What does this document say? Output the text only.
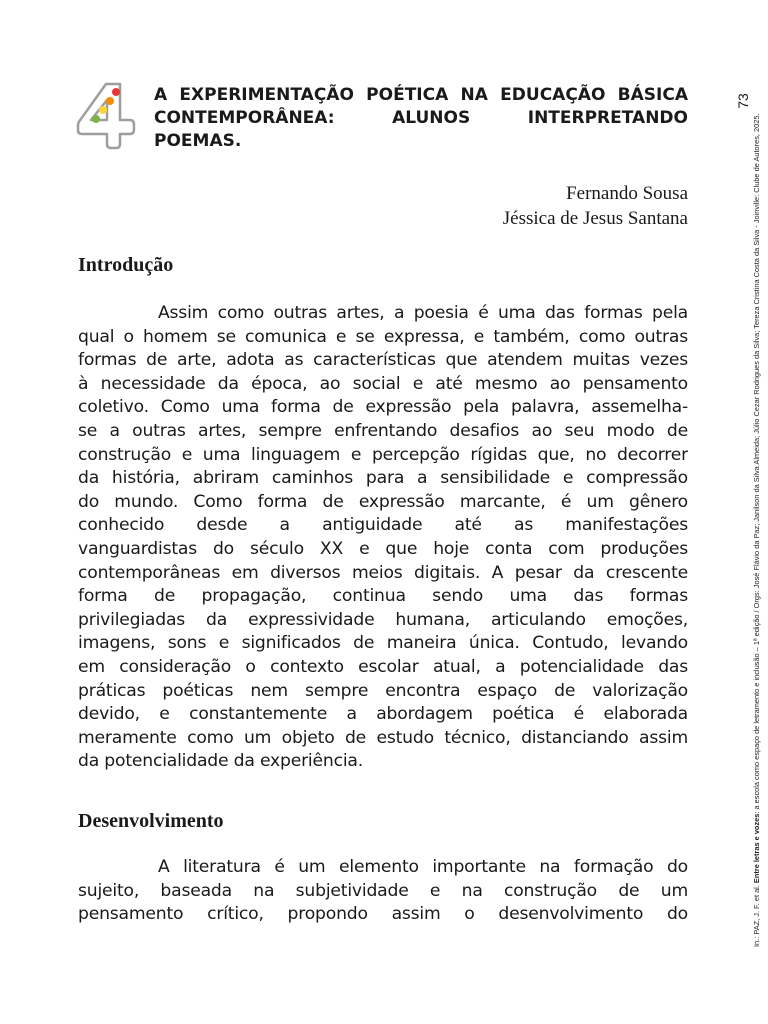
A EXPERIMENTAÇÃO POÉTICA NA EDUCAÇÃO BÁSICA
CONTEMPORÂNEA: ALUNOS INTERPRETANDO
POEMAS.
Fernando Sousa
Jéssica de Jesus Santana
73
Introdução
Assim como outras artes, a poesia é uma das formas pela
qual o homem se comunica e se expressa, e também, como outras
formas de arte, adota as características que atendem muitas vezes
à necessidade da época, ao social e até mesmo ao pensamento
coletivo. Como uma forma de expressão pela palavra, assemelha-
se a outras artes, sempre enfrentando desafios ao seu modo de
construção e uma linguagem e percepção rígidas que, no decorrer
da história, abriram caminhos para a sensibilidade e compressão
do mundo. Como forma de expressão marcante, é um gênero
conhecido desde a antiguidade até as manifestações
vanguardistas do século XX e que hoje conta com produções
contemporâneas em diversos meios digitais. A pesar da crescente
forma de propagação, continua sendo uma das formas
privilegiadas da expressividade humana, articulando emoções,
imagens, sons e significados de maneira única. Contudo, levando
em consideração o contexto escolar atual, a potencialidade das
práticas poéticas nem sempre encontra espaço de valorização
devido, e constantemente a abordagem poética é elaborada
meramente como um objeto de estudo técnico, distanciando assim
da potencialidade da experiência.
Desenvolvimento
A literatura é um elemento importante na formação do
sujeito, baseada na subjetividade e na construção de um
pensamento crítico, propondo assim o desenvolvimento do	In.: PAZ, J. F. et al. Entre letras e vozes: a escola como espaço de letramento e inclusão – 1ª edição / Orgs: José Flávio da Paz; Janilson da Silva Almeida; Júlio Cezar Rodrigues da Silva; Tereza Cristina Costa da Silva - Joinville: Clube de Autores, 2025.
